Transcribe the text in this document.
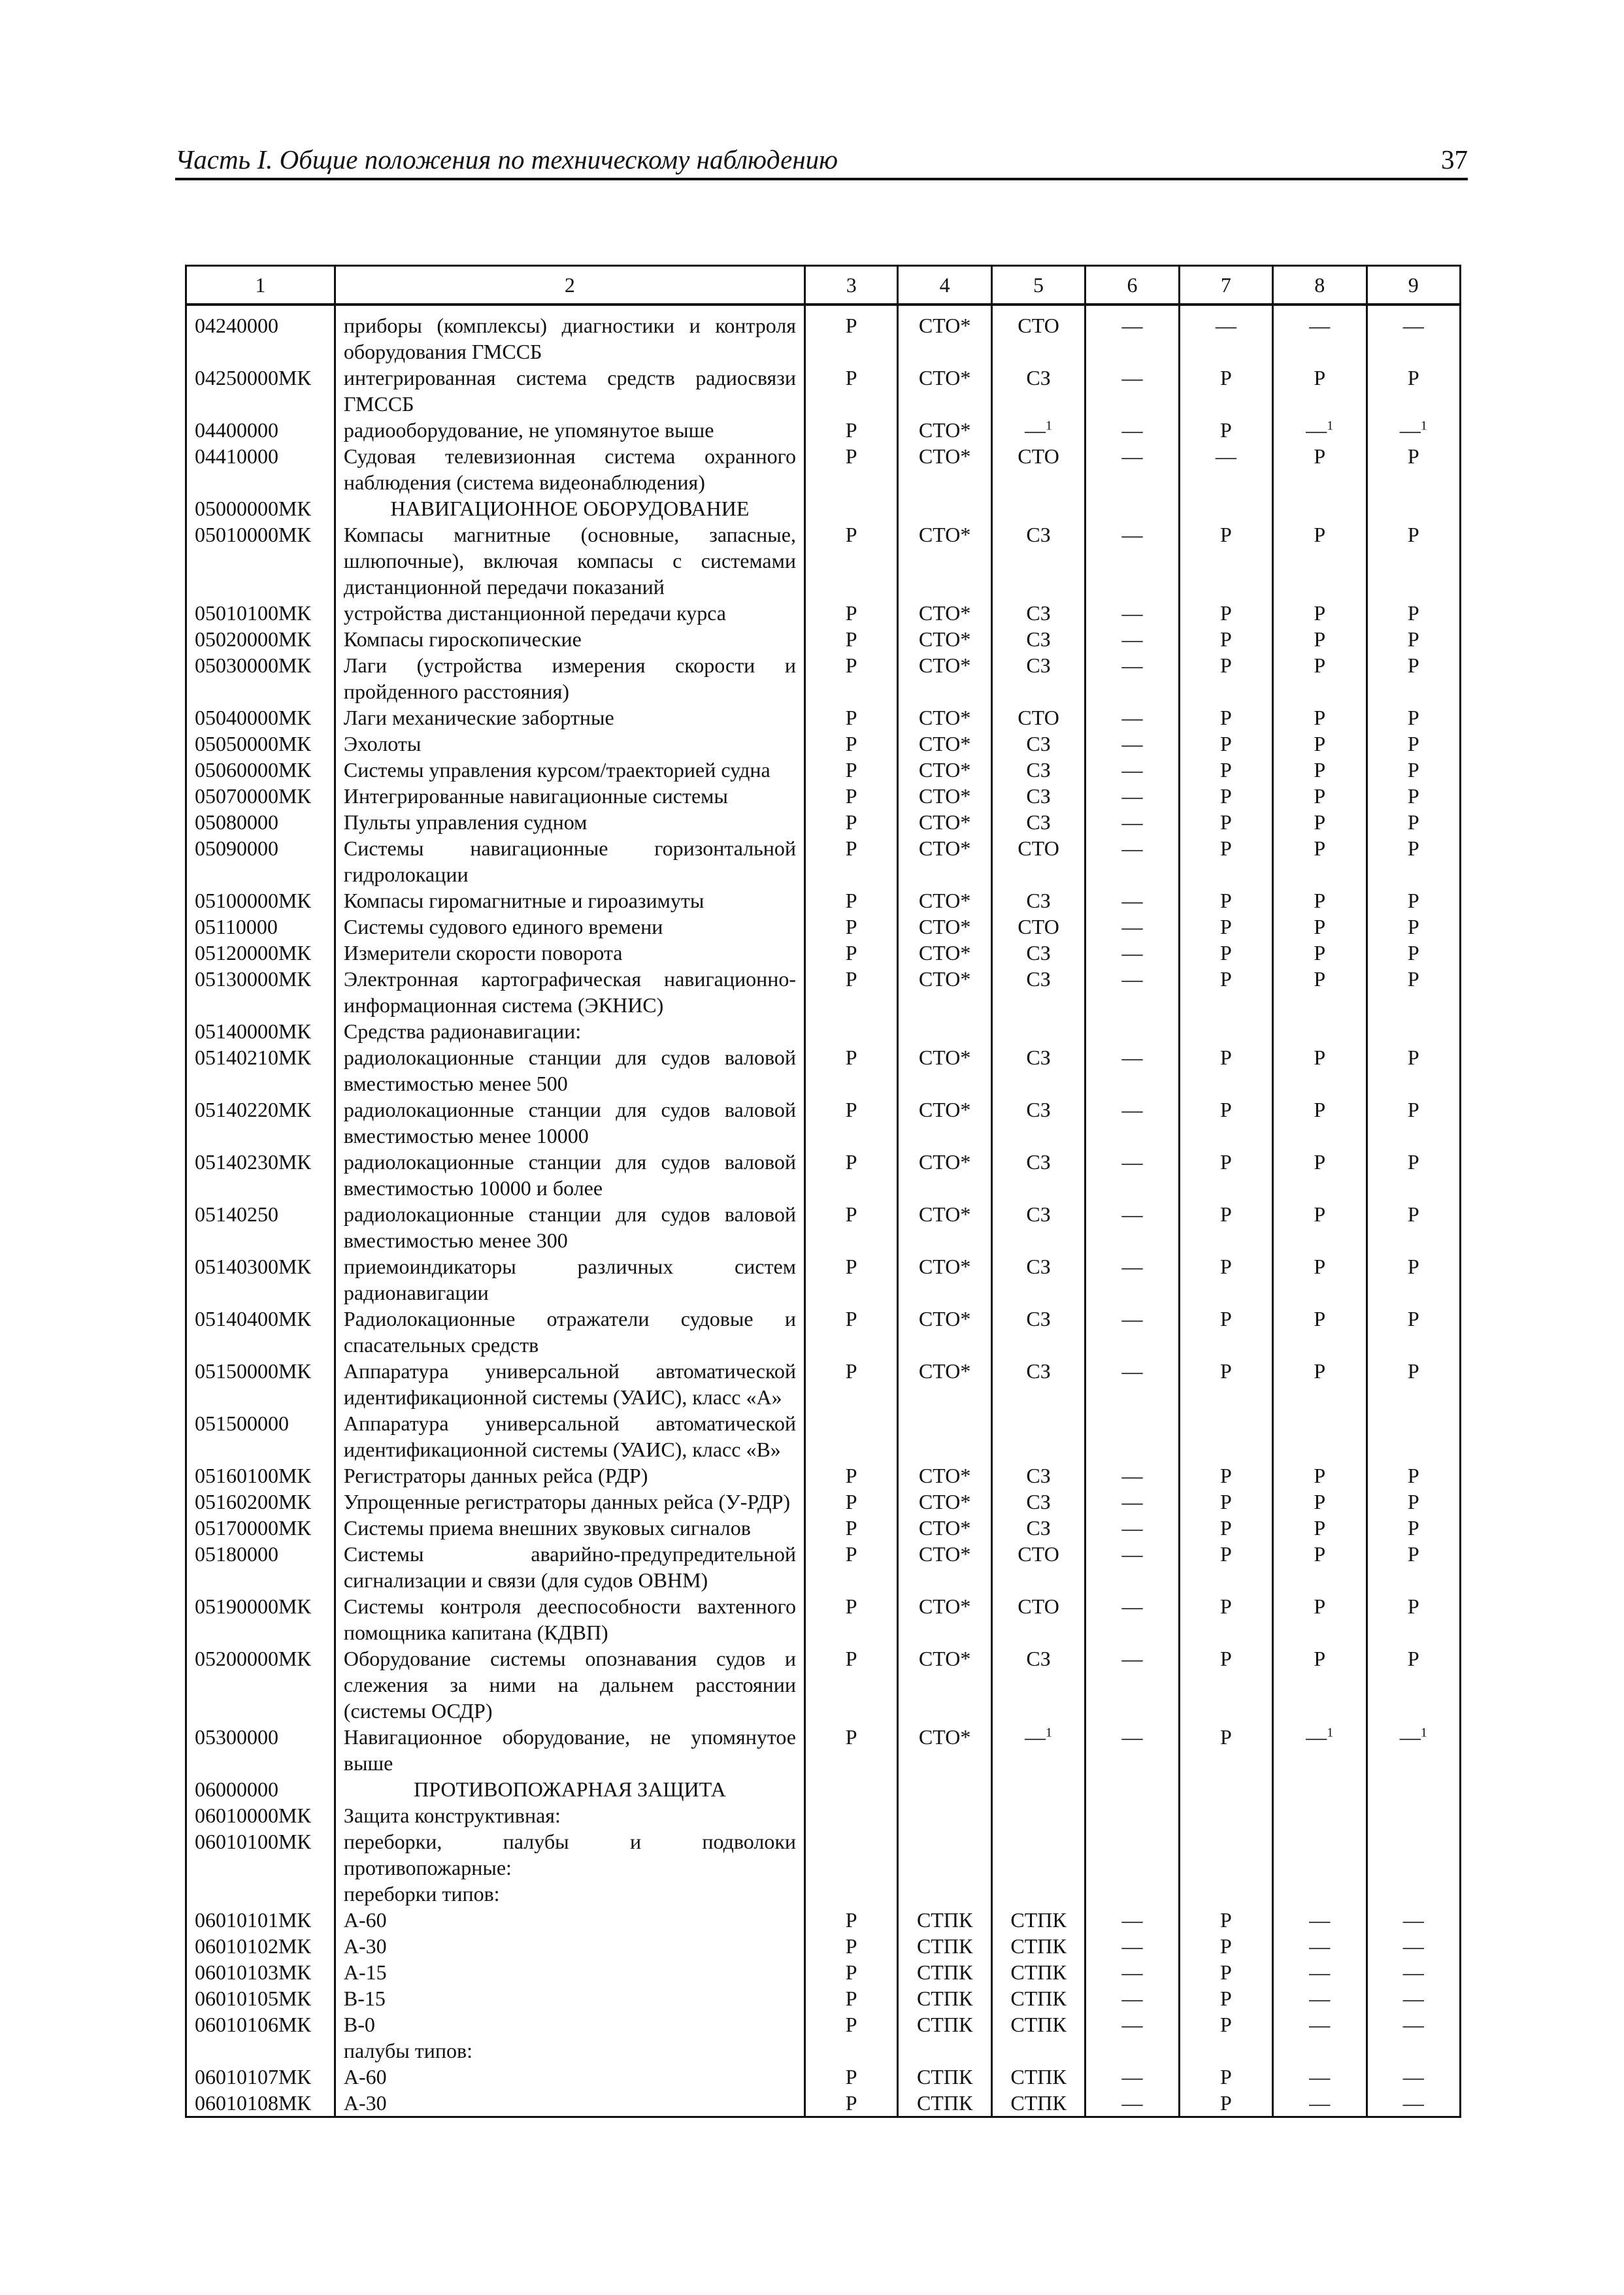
Часть I. Общие положения по техническому наблюдению	37
1	2	3	4	5	6	7	8	9
04240000	приборы (комплексы) диагностики и контроля оборудования ГМССБ	Р	СТО*	СТО	—	—	—	—
04250000МК	интегрированная система средств радиосвязи ГМССБ	Р	СТО*	СЗ	—	Р	Р	Р
04400000	радиооборудование, не упомянутое выше	Р	СТО*	—$^1$	—	Р	—$^1$	—$^1$
04410000	Судовая телевизионная система охранного наблюдения (система видеонаблюдения)	Р	СТО*	СТО	—	—	Р	Р
05000000МК	НАВИГАЦИОННОЕ ОБОРУДОВАНИЕ							
05010000МК	Компасы магнитные (основные, запасные, шлюпочные), включая компасы с системами дистанционной передачи показаний	Р	СТО*	СЗ	—	Р	Р	Р
05010100МК	устройства дистанционной передачи курса	Р	СТО*	СЗ	—	Р	Р	Р
05020000МК	Компасы гироскопические	Р	СТО*	СЗ	—	Р	Р	Р
05030000МК	Лаги (устройства измерения скорости и пройденного расстояния)	Р	СТО*	СЗ	—	Р	Р	Р
05040000МК	Лаги механические забортные	Р	СТО*	СТО	—	Р	Р	Р
05050000МК	Эхолоты	Р	СТО*	СЗ	—	Р	Р	Р
05060000МК	Системы управления курсом/траекторией судна	Р	СТО*	СЗ	—	Р	Р	Р
05070000МК	Интегрированные навигационные системы	Р	СТО*	СЗ	—	Р	Р	Р
05080000	Пульты управления судном	Р	СТО*	СЗ	—	Р	Р	Р
05090000	Системы навигационные горизонтальной гидролокации	Р	СТО*	СТО	—	Р	Р	Р
05100000МК	Компасы гиромагнитные и гироазимуты	Р	СТО*	СЗ	—	Р	Р	Р
05110000	Системы судового единого времени	Р	СТО*	СТО	—	Р	Р	Р
05120000МК	Измерители скорости поворота	Р	СТО*	СЗ	—	Р	Р	Р
05130000МК	Электронная картографическая навигационно-информационная система (ЭКНИС)	Р	СТО*	СЗ	—	Р	Р	Р
05140000МК	Средства радионавигации:							
05140210МК	радиолокационные станции для судов валовой вместимостью менее 500	Р	СТО*	СЗ	—	Р	Р	Р
05140220МК	радиолокационные станции для судов валовой вместимостью менее 10000	Р	СТО*	СЗ	—	Р	Р	Р
05140230МК	радиолокационные станции для судов валовой вместимостью 10000 и более	Р	СТО*	СЗ	—	Р	Р	Р
05140250	радиолокационные станции для судов валовой вместимостью менее 300	Р	СТО*	СЗ	—	Р	Р	Р
05140300МК	приемоиндикаторы различных систем радионавигации	Р	СТО*	СЗ	—	Р	Р	Р
05140400МК	Радиолокационные отражатели судовые и спасательных средств	Р	СТО*	СЗ	—	Р	Р	Р
05150000МК	Аппаратура универсальной автоматической идентификационной системы (УАИС), класс «А»	Р	СТО*	СЗ	—	Р	Р	Р
051500000	Аппаратура универсальной автоматической идентификационной системы (УАИС), класс «В»							
05160100МК	Регистраторы данных рейса (РДР)	Р	СТО*	СЗ	—	Р	Р	Р
05160200МК	Упрощенные регистраторы данных рейса (У-РДР)	Р	СТО*	СЗ	—	Р	Р	Р
05170000МК	Системы приема внешних звуковых сигналов	Р	СТО*	СЗ	—	Р	Р	Р
05180000	Системы аварийно-предупредительной сигнализации и связи (для судов ОВНМ)	Р	СТО*	СТО	—	Р	Р	Р
05190000МК	Системы контроля дееспособности вахтенного помощника капитана (КДВП)	Р	СТО*	СТО	—	Р	Р	Р
05200000МК	Оборудование системы опознавания судов и слежения за ними на дальнем расстоянии (системы ОСДР)	Р	СТО*	СЗ	—	Р	Р	Р
05300000	Навигационное оборудование, не упомянутое выше	Р	СТО*	—$^1$	—	Р	—$^1$	—$^1$
06000000	ПРОТИВОПОЖАРНАЯ ЗАЩИТА							
06010000МК	Защита конструктивная:							
06010100МК	переборки, палубы и подволоки противопожарные:							
	переборки типов:							
06010101МК	А-60	Р	СТПК	СТПК	—	Р	—	—
06010102МК	А-30	Р	СТПК	СТПК	—	Р	—	—
06010103МК	А-15	Р	СТПК	СТПК	—	Р	—	—
06010105МК	В-15	Р	СТПК	СТПК	—	Р	—	—
06010106МК	В-0	Р	СТПК	СТПК	—	Р	—	—
	палубы типов:							
06010107МК	А-60	Р	СТПК	СТПК	—	Р	—	—
06010108МК	А-30	Р	СТПК	СТПК	—	Р	—	—
